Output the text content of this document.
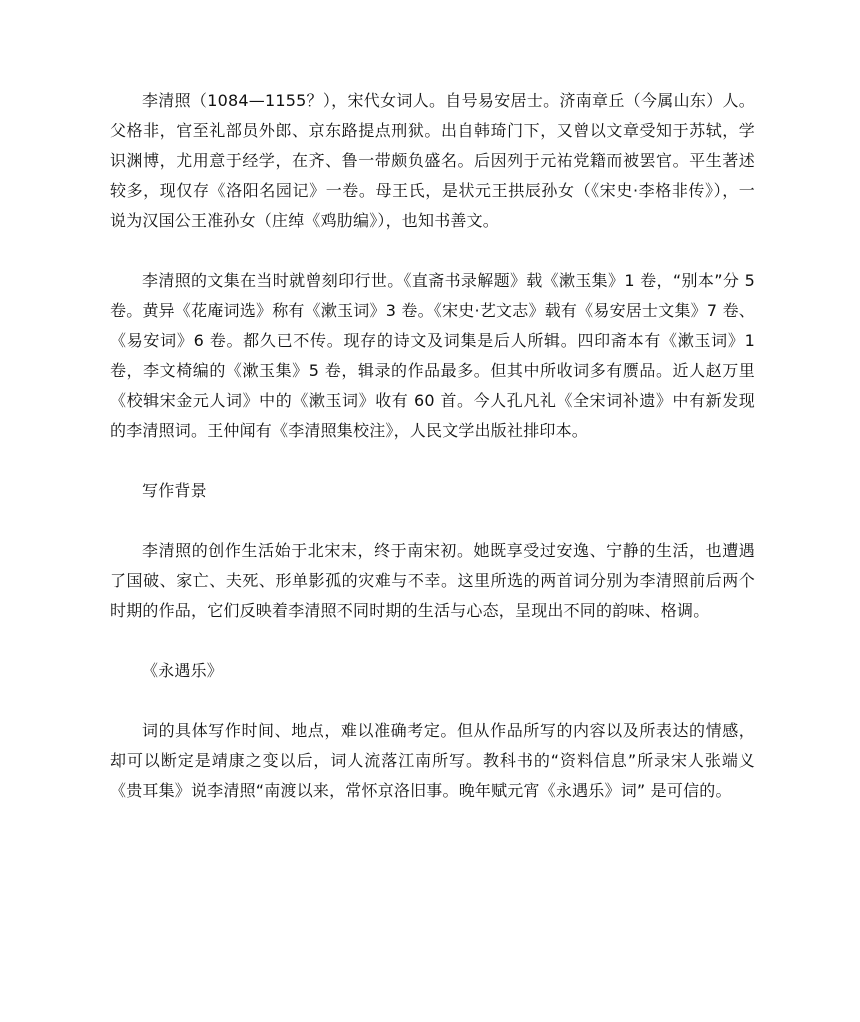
李清照（1084—1155？），宋代女词人。自号易安居士。济南章丘（今属山东）人。父格非，官至礼部员外郎、京东路提点刑狱。出自韩琦门下，又曾以文章受知于苏轼，学识渊博，尤用意于经学，在齐、鲁一带颇负盛名。后因列于元祐党籍而被罢官。平生著述较多，现仅存《洛阳名园记》一卷。母王氏，是状元王拱辰孙女（《宋史·李格非传》），一说为汉国公王准孙女（庄绰《鸡肋编》），也知书善文。

李清照的文集在当时就曾刻印行世。《直斋书录解题》载《漱玉集》1 卷，“别本”分 5 卷。黄异《花庵词选》称有《漱玉词》3 卷。《宋史·艺文志》载有《易安居士文集》7 卷、《易安词》6 卷。都久已不传。现存的诗文及词集是后人所辑。四印斋本有《漱玉词》1 卷，李文椅编的《漱玉集》5 卷，辑录的作品最多。但其中所收词多有赝品。近人赵万里《校辑宋金元人词》中的《漱玉词》收有 60 首。今人孔凡礼《全宋词补遗》中有新发现的李清照词。王仲闻有《李清照集校注》，人民文学出版社排印本。

写作背景

李清照的创作生活始于北宋末，终于南宋初。她既享受过安逸、宁静的生活，也遭遇了国破、家亡、夫死、形单影孤的灾难与不幸。这里所选的两首词分别为李清照前后两个时期的作品，它们反映着李清照不同时期的生活与心态，呈现出不同的韵味、格调。

《永遇乐》

词的具体写作时间、地点，难以准确考定。但从作品所写的内容以及所表达的情感，却可以断定是靖康之变以后，词人流落江南所写。教科书的“资料信息”所录宋人张端义《贵耳集》说李清照“南渡以来，常怀京洛旧事。晚年赋元宵《永遇乐》词” 是可信的。
